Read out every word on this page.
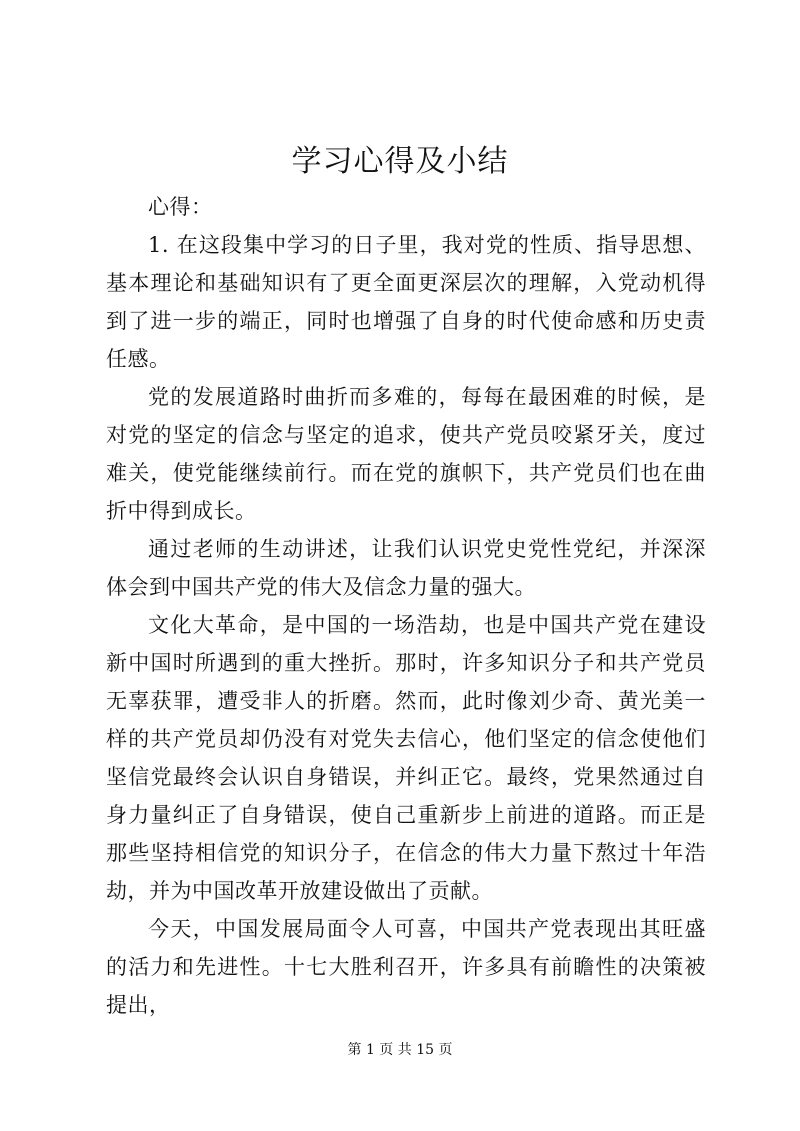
学习心得及小结

心得：

1. 在这段集中学习的日子里，我对党的性质、指导思想、基本理论和基础知识有了更全面更深层次的理解，入党动机得到了进一步的端正，同时也增强了自身的时代使命感和历史责任感。

党的发展道路时曲折而多难的，每每在最困难的时候，是对党的坚定的信念与坚定的追求，使共产党员咬紧牙关，度过难关，使党能继续前行。而在党的旗帜下，共产党员们也在曲折中得到成长。

通过老师的生动讲述，让我们认识党史党性党纪，并深深体会到中国共产党的伟大及信念力量的强大。

文化大革命，是中国的一场浩劫，也是中国共产党在建设新中国时所遇到的重大挫折。那时，许多知识分子和共产党员无辜获罪，遭受非人的折磨。然而，此时像刘少奇、黄光美一样的共产党员却仍没有对党失去信心，他们坚定的信念使他们坚信党最终会认识自身错误，并纠正它。最终，党果然通过自身力量纠正了自身错误，使自己重新步上前进的道路。而正是那些坚持相信党的知识分子，在信念的伟大力量下熬过十年浩劫，并为中国改革开放建设做出了贡献。

今天，中国发展局面令人可喜，中国共产党表现出其旺盛的活力和先进性。十七大胜利召开，许多具有前瞻性的决策被提出，

第 1 页 共 15 页
